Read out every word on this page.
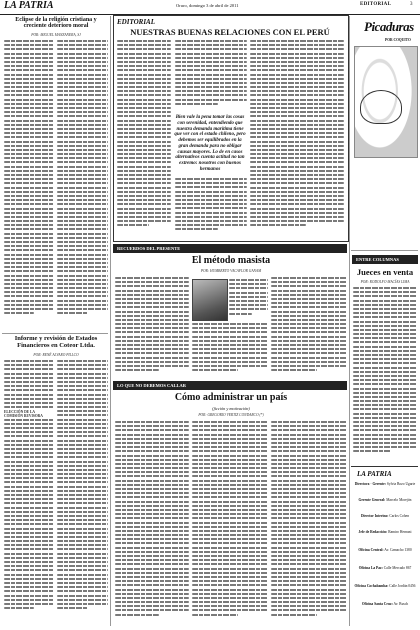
LA PATRIA	Oruro, domingo 3 de abril de 2011	EDITORIAL	3
Eclipse de la religión cristiana y creciente deterioro moral
POR: MIGUEL MANZANERA, SJ
Informe y revisión de Estados Financieros en Coteor Ltda.
POR: RENÉ ALVARO PILLCO
ELECCIÓN DE LA COMISIÓN REVISORA
EDITORIAL
NUESTRAS BUENAS RELACIONES CON EL PERÚ
Bien vale la pena tomar las cosas con serenidad, entendiendo que nuestra demanda marítima tiene que ver con el estado chileno, pero debemos ser equilibrados en la gran demanda para no obligar causas mayores. Lo de en casos alternativos cuenta actitud no tan extremo: nosotros con buenos hermanos
Picaduras
POR COQUITO
ENTRE COLUMNAS
Jueces en venta
POR: RODOLFO MACÍAS LIMA
LA PATRIA
Directora - Gerente: Sylvia Bozo Ugarte
Gerente General: Marcelo Morejón
Director Interino: Carlos Cohen
Jefe de Redacción: Ramiro Hernani
Oficina Central: Av. Camacho 1380
Oficina La Paz: Calle Mercado 867
Oficina Cochabamba: Calle Jordán 0456
Oficina Santa Cruz: Av. Busch
RECUERDOS DEL PRESENTE
El método masista
POR: HUMBERTO VACAFLOR GANAM
LO QUE NO DEBEMOS CALLAR
Cómo administrar un país
(ficción y motivación)
POR: GREGORIO VERTIZ CONDARCO (*)
